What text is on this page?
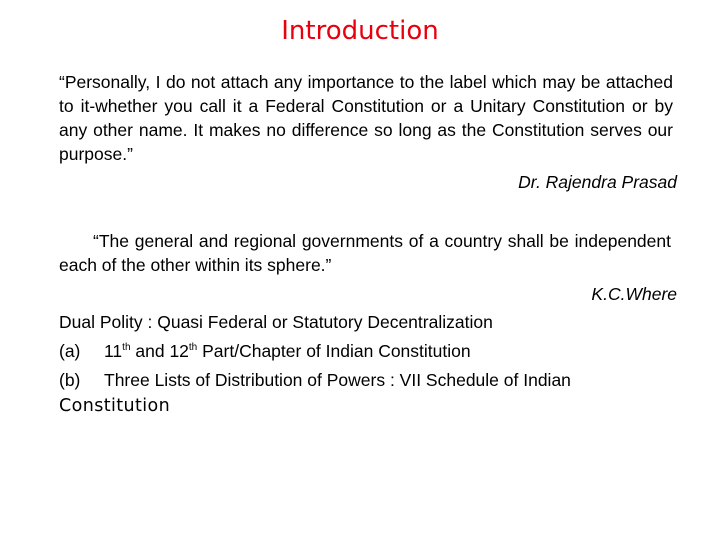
Introduction
“Personally, I do not attach any importance to the label which may be attached to it-whether you call it a Federal Constitution or a Unitary Constitution or by any other name. It makes no difference so long as the Constitution serves our purpose.”
Dr. Rajendra Prasad
“The general and regional governments of a country shall be independent each of the other within its sphere.”
K.C.Where
Dual Polity : Quasi Federal or Statutory Decentralization
(a) 11th and 12th Part/Chapter of Indian Constitution
(b) Three Lists of Distribution of Powers : VII Schedule of Indian
Constitution
